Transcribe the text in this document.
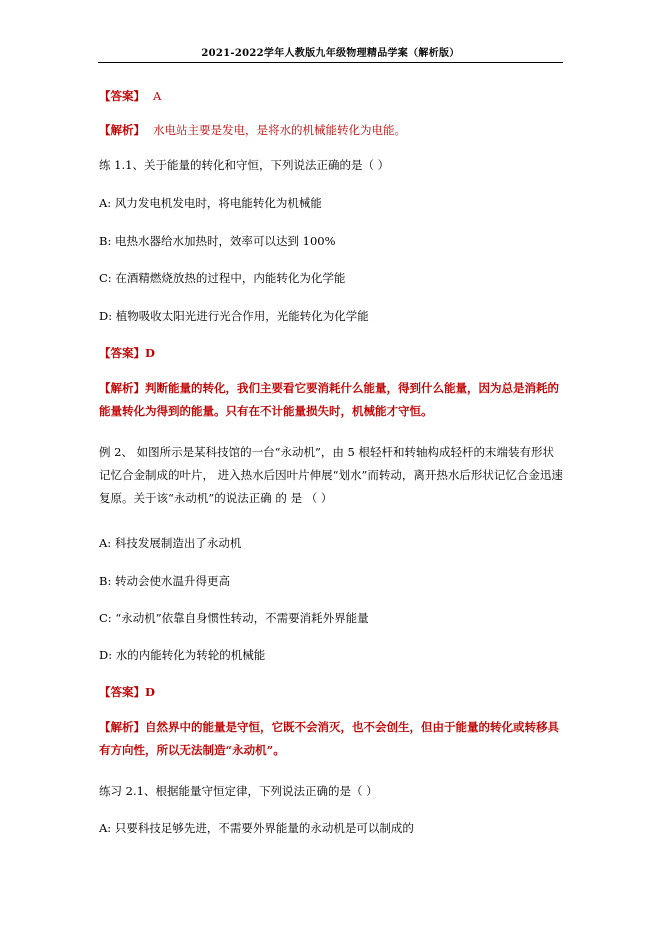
2021-2022学年人教版九年级物理精品学案（解析版）
【答案】 A
【解析】 水电站主要是发电，是将水的机械能转化为电能。
练 1.1、关于能量的转化和守恒，下列说法正确的是（ ）
A: 风力发电机发电时，将电能转化为机械能
B: 电热水器给水加热时，效率可以达到 100%
C: 在酒精燃烧放热的过程中，内能转化为化学能
D: 植物吸收太阳光进行光合作用，光能转化为化学能
【答案】D
【解析】判断能量的转化，我们主要看它要消耗什么能量，得到什么能量，因为总是消耗的能量转化为得到的能量。只有在不计能量损失时，机械能才守恒。
例 2、 如图所示是某科技馆的一台“永动机”，由 5 根轻杆和转轴构成轻杆的末端装有形状记忆合金制成的叶片， 进入热水后因叶片伸展“划水”而转动，离开热水后形状记忆合金迅速复原。关于该“永动机”的说法正确 的 是 （ ）
A: 科技发展制造出了永动机
B: 转动会使水温升得更高
C: “永动机”依靠自身惯性转动，不需要消耗外界能量
D: 水的内能转化为转轮的机械能
【答案】D
【解析】自然界中的能量是守恒，它既不会消灭，也不会创生，但由于能量的转化或转移具有方向性，所以无法制造“永动机”。
练习 2.1、根据能量守恒定律，下列说法正确的是（ ）
A: 只要科技足够先进，不需要外界能量的永动机是可以制成的
